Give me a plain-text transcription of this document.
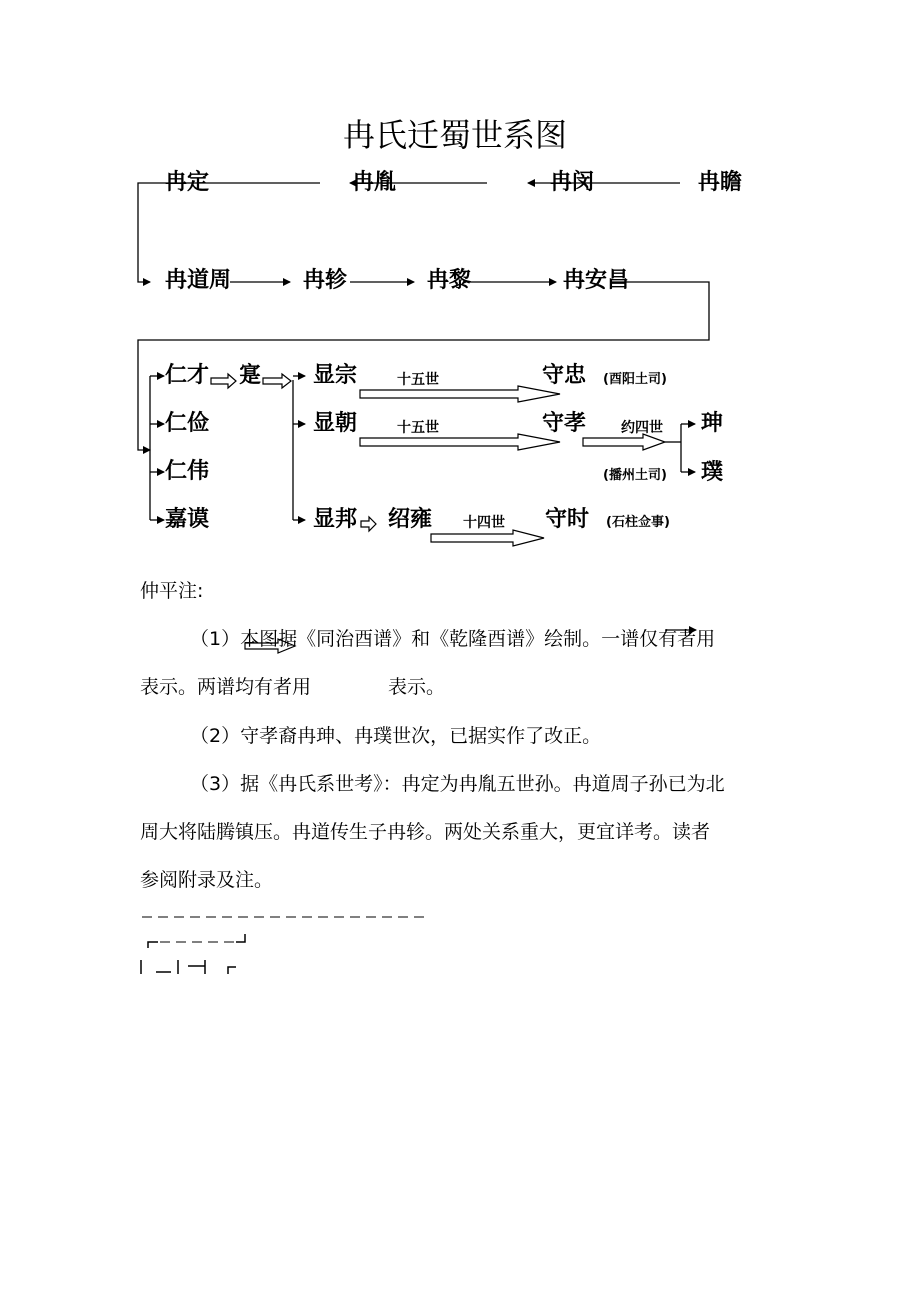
冉氏迁蜀世系图
冉定	冉胤	冉闵	冉瞻
冉道周	冉轸	冉黎	冉安昌
仁才
仁俭
仁伟
嘉谟
寔 显宗
显朝
显邦 绍雍
十五世
十五世
十四世
约四世
守忠
守孝
守时
(酉阳土司)
(播州土司)
(石柱佥事)
珅
璞
仲平注:
（1）本图据《同治酉谱》和《乾隆酉谱》绘制。一谱仅有者用
表示。两谱均有者用	表示。
（2）守孝裔冉珅、冉璞世次，已据实作了改正。
（3）据《冉氏系世考》：冉定为冉胤五世孙。冉道周子孙已为北
周大将陆腾镇压。冉道传生子冉轸。两处关系重大，更宜详考。读者
参阅附录及注。
